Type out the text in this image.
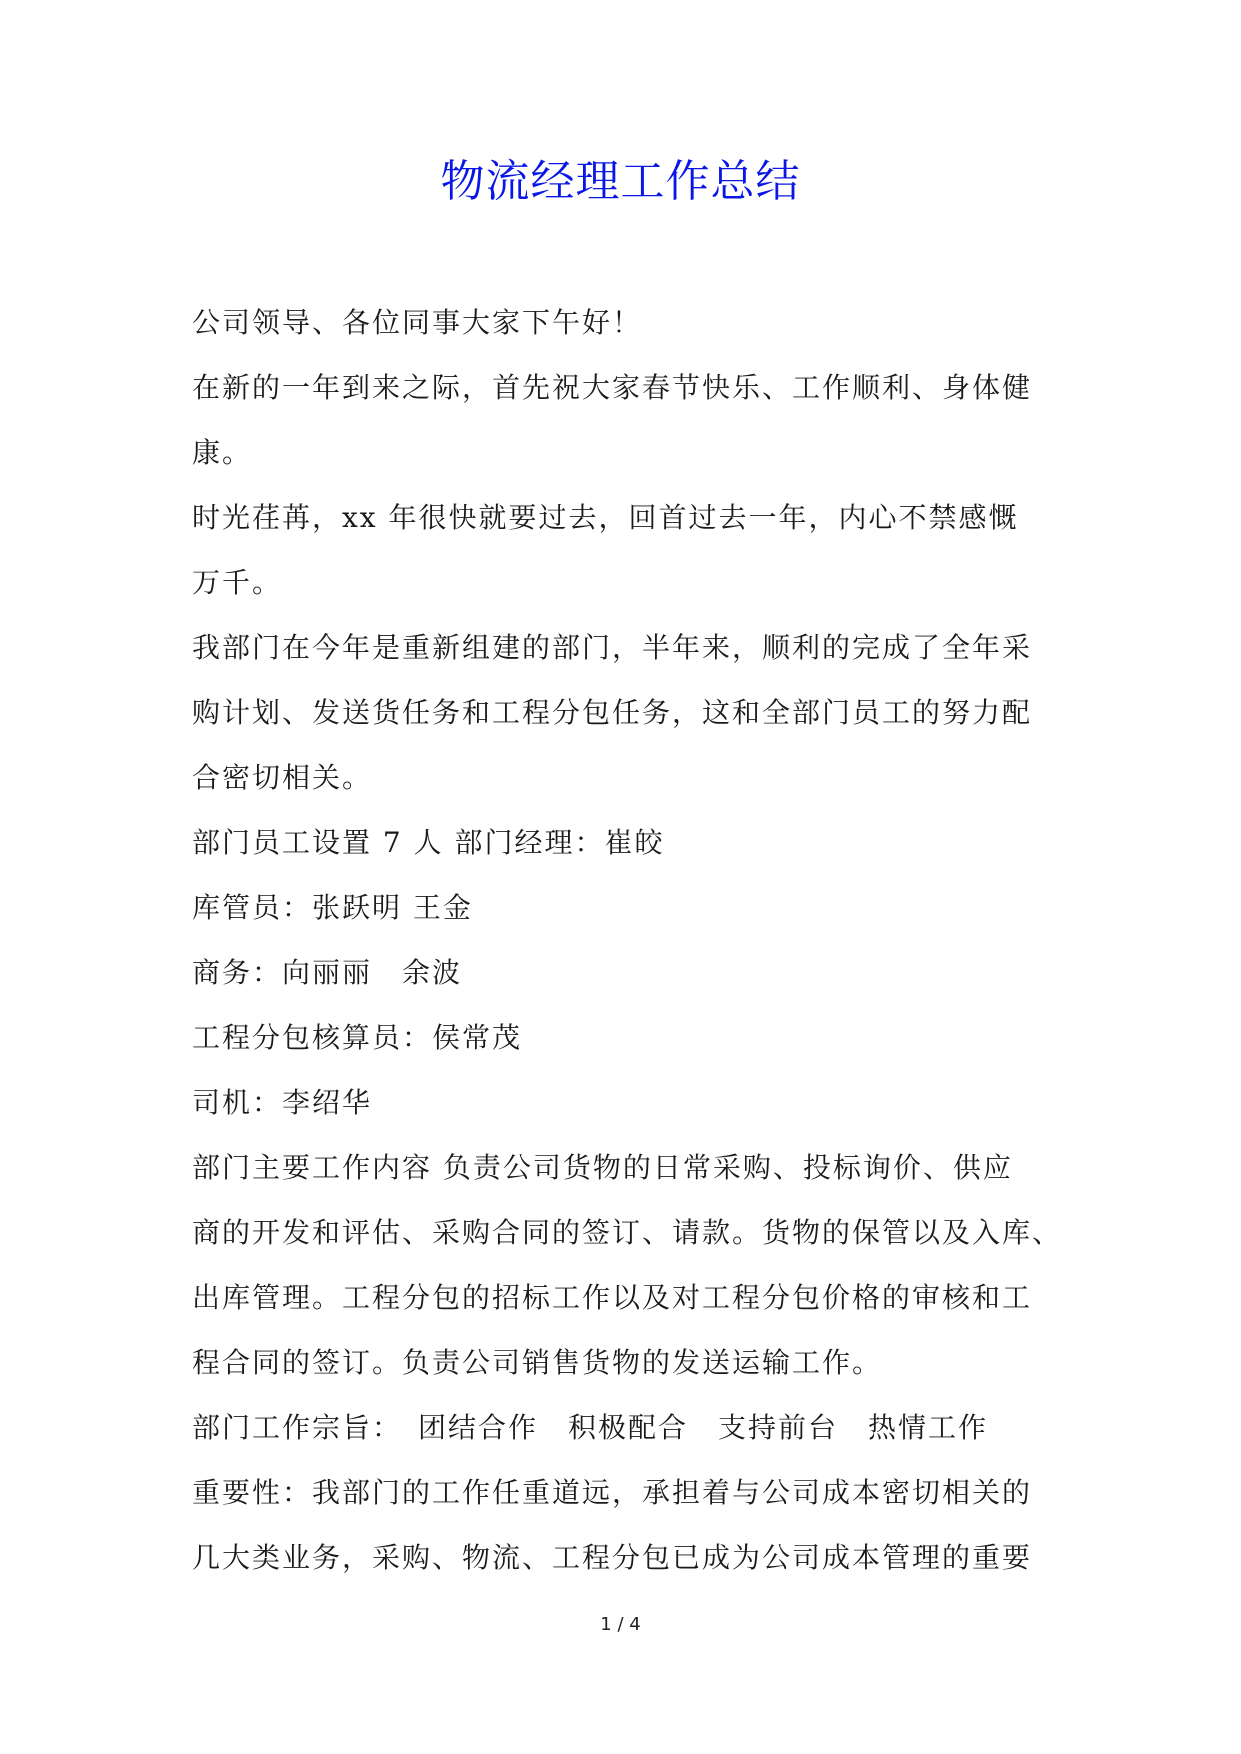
物流经理工作总结
公司领导、各位同事大家下午好！
在新的一年到来之际，首先祝大家春节快乐、工作顺利、身体健
康。
时光荏苒，xx 年很快就要过去，回首过去一年，内心不禁感慨
万千。
我部门在今年是重新组建的部门，半年来，顺利的完成了全年采
购计划、发送货任务和工程分包任务，这和全部门员工的努力配
合密切相关。
部门员工设置 7 人 部门经理：崔皎
库管员：张跃明 王金
商务：向丽丽　余波
工程分包核算员：侯常茂
司机：李绍华
部门主要工作内容 负责公司货物的日常采购、投标询价、供应
商的开发和评估、采购合同的签订、请款。货物的保管以及入库、
出库管理。工程分包的招标工作以及对工程分包价格的审核和工
程合同的签订。负责公司销售货物的发送运输工作。
部门工作宗旨：　团结合作　积极配合　支持前台　热情工作
重要性：我部门的工作任重道远，承担着与公司成本密切相关的
几大类业务，采购、物流、工程分包已成为公司成本管理的重要
1 / 4
